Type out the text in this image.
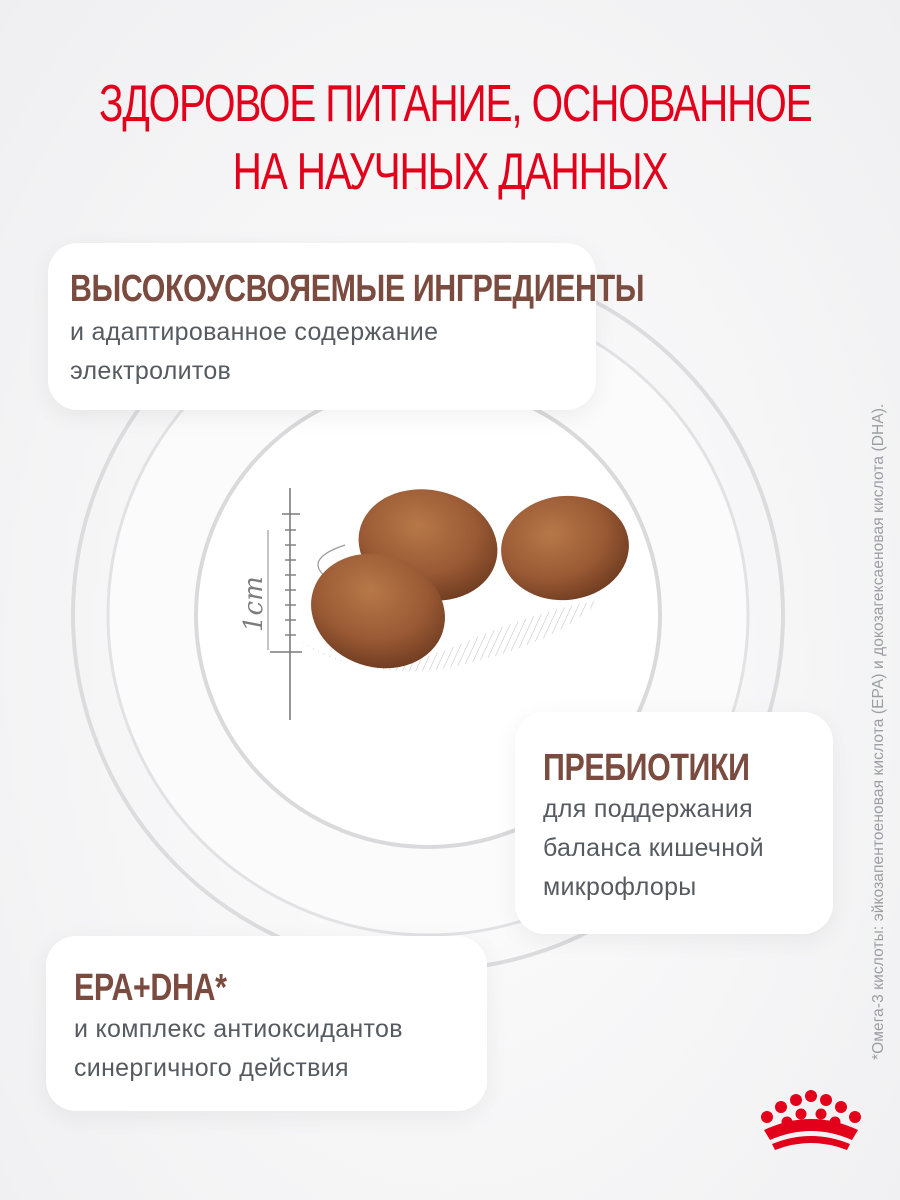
ЗДОРОВОЕ ПИТАНИЕ, ОСНОВАННОЕ
НА НАУЧНЫХ ДАННЫХ
1cm
ВЫСОКОУСВОЯЕМЫЕ ИНГРЕДИЕНТЫ
и адаптированное содержание
электролитов
ПРЕБИОТИКИ
для поддержания
баланса кишечной
микрофлоры
EPA+DHA*
и комплекс антиоксидантов
синергичного действия
*Омега-3 кислоты: эйкозапентоеновая кислота (EPA) и докозагексаеновая кислота (DHA).
